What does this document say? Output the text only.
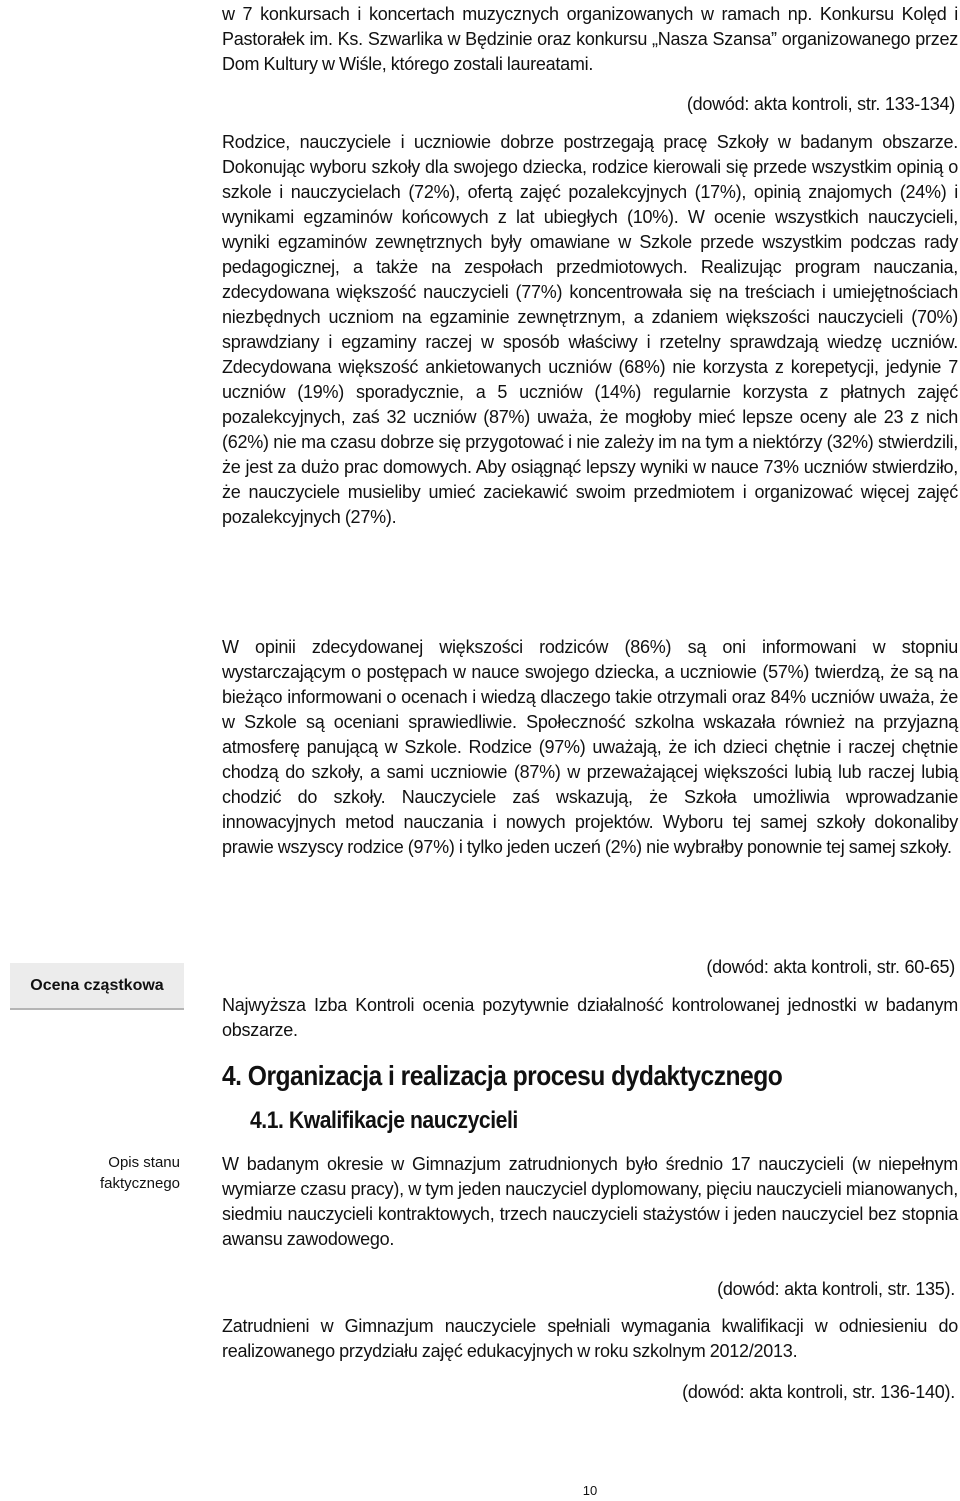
w 7 konkursach i koncertach muzycznych organizowanych w ramach np. Konkursu Kolęd i Pastorałek im. Ks. Szwarlika w Będzinie oraz konkursu „Nasza Szansa” organizowanego przez Dom Kultury w Wiśle, którego zostali laureatami.

(dowód: akta kontroli, str. 133-134)

Rodzice, nauczyciele i uczniowie dobrze postrzegają pracę Szkoły w badanym obszarze. Dokonując wyboru szkoły dla swojego dziecka, rodzice kierowali się przede wszystkim opinią o szkole i nauczycielach (72%), ofertą zajęć pozalekcyjnych (17%), opinią znajomych (24%) i wynikami egzaminów końcowych z lat ubiegłych (10%). W ocenie wszystkich nauczycieli, wyniki egzaminów zewnętrznych były omawiane w Szkole przede wszystkim podczas rady pedagogicznej, a także na zespołach przedmiotowych. Realizując program nauczania, zdecydowana większość nauczycieli (77%) koncentrowała się na treściach i umiejętnościach niezbędnych uczniom na egzaminie zewnętrznym, a zdaniem większości nauczycieli (70%) sprawdziany i egzaminy raczej w sposób właściwy i rzetelny sprawdzają wiedzę uczniów. Zdecydowana większość ankietowanych uczniów (68%) nie korzysta z korepetycji, jedynie 7 uczniów (19%) sporadycznie, a 5 uczniów (14%) regularnie korzysta z płatnych zajęć pozalekcyjnych, zaś 32 uczniów (87%) uważa, że mogłoby mieć lepsze oceny ale 23 z nich (62%) nie ma czasu dobrze się przygotować i nie zależy im na tym a niektórzy (32%) stwierdzili, że jest za dużo prac domowych. Aby osiągnąć lepszy wyniki w nauce 73% uczniów stwierdziło, że nauczyciele musieliby umieć zaciekawić swoim przedmiotem i organizować więcej zajęć pozalekcyjnych (27%).

W opinii zdecydowanej większości rodziców (86%) są oni informowani w stopniu wystarczającym o postępach w nauce swojego dziecka, a uczniowie (57%) twierdzą, że są na bieżąco informowani o ocenach i wiedzą dlaczego takie otrzymali oraz 84% uczniów uważa, że w Szkole są oceniani sprawiedliwie. Społeczność szkolna wskazała również na przyjazną atmosferę panującą w Szkole. Rodzice (97%) uważają, że ich dzieci chętnie i raczej chętnie chodzą do szkoły, a sami uczniowie (87%) w przeważającej większości lubią lub raczej lubią chodzić do szkoły. Nauczyciele zaś wskazują, że Szkoła umożliwia wprowadzanie innowacyjnych metod nauczania i nowych projektów. Wyboru tej samej szkoły dokonaliby prawie wszyscy rodzice (97%) i tylko jeden uczeń (2%) nie wybrałby ponownie tej samej szkoły.

(dowód: akta kontroli, str. 60-65)
Ocena cząstkowa

Najwyższa Izba Kontroli ocenia pozytywnie działalność kontrolowanej jednostki w badanym obszarze.

4. Organizacja i realizacja procesu dydaktycznego
4.1. Kwalifikacje nauczycieli
Opis stanu
faktycznego

W badanym okresie w Gimnazjum zatrudnionych było średnio 17 nauczycieli (w niepełnym wymiarze czasu pracy), w tym jeden nauczyciel dyplomowany, pięciu nauczycieli mianowanych, siedmiu nauczycieli kontraktowych, trzech nauczycieli stażystów i jeden nauczyciel bez stopnia awansu zawodowego.

(dowód: akta kontroli, str. 135).

Zatrudnieni w Gimnazjum nauczyciele spełniali wymagania kwalifikacji w odniesieniu do realizowanego przydziału zajęć edukacyjnych w roku szkolnym 2012/2013.

(dowód: akta kontroli, str. 136-140).
10
